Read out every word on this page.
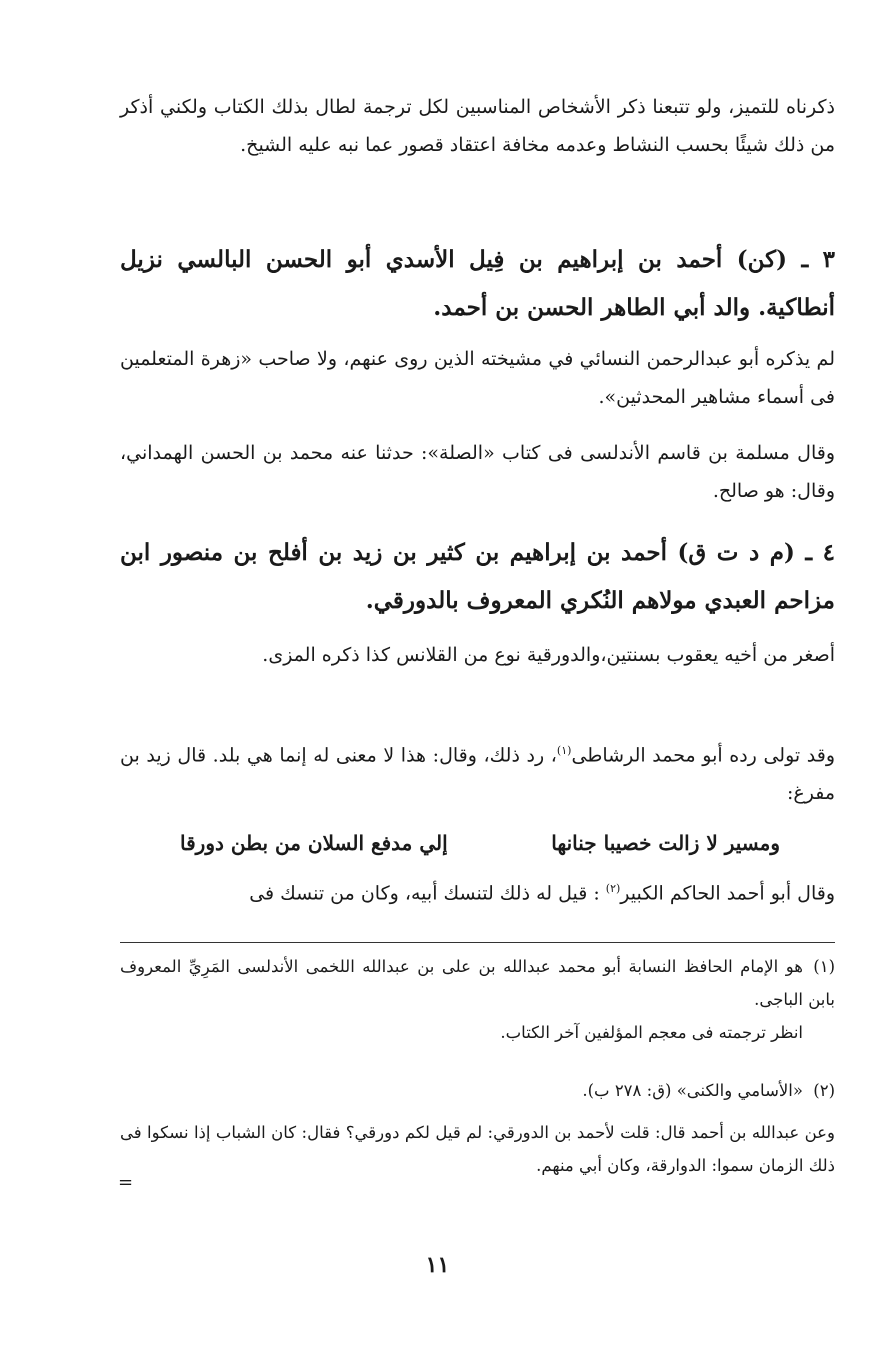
ذكرناه للتميز، ولو تتبعنا ذكر الأشخاص المناسبين لكل ترجمة لطال بذلك الكتاب ولكني أذكر من ذلك شيئًا بحسب النشاط وعدمه مخافة اعتقاد قصور عما نبه عليه الشيخ.

٣ ـ (كن) أحمد بن إبراهيم بن فِيل الأسدي أبو الحسن البالسي نزيل أنطاكية. والد أبي الطاهر الحسن بن أحمد.

لم يذكره أبو عبدالرحمن النسائي في مشيخته الذين روى عنهم، ولا صاحب «زهرة المتعلمين فى أسماء مشاهير المحدثين».

وقال مسلمة بن قاسم الأندلسى فى كتاب «الصلة»: حدثنا عنه محمد بن الحسن الهمداني، وقال: هو صالح.

٤ ـ (م د ت ق) أحمد بن إبراهيم بن كثير بن زيد بن أفلح بن منصور ابن مزاحم العبدي مولاهم النُكري المعروف بالدورقي.

أصغر من أخيه يعقوب بسنتين،والدورقية نوع من القلانس كذا ذكره المزى.

وقد تولى رده أبو محمد الرشاطى$^{(١)}$، رد ذلك، وقال: هذا لا معنى له إنما هي بلد. قال زيد بن مفرغ:

ومسير لا زالت خصيبا جنانها
إلي مدفع السلان من بطن دورقا

وقال أبو أحمد الحاكم الكبير$^{(٢)}$ : قيل له ذلك لتنسك أبيه، وكان من تنسك فى

(١)هو الإمام الحافظ النسابة أبو محمد عبدالله بن على بن عبدالله اللخمى الأندلسى المَرِيِّ المعروف بابن الباجى.

انظر ترجمته فى معجم المؤلفين آخر الكتاب.

(٢)«الأسامي والكنى» (ق: ٢٧٨ ب).

وعن عبدالله بن أحمد قال: قلت لأحمد بن الدورقي: لم قيل لكم دورقي؟ فقال: كان الشباب إذا نسكوا فى ذلك الزمان سموا: الدوارقة، وكان أبي منهم.

=
١١
